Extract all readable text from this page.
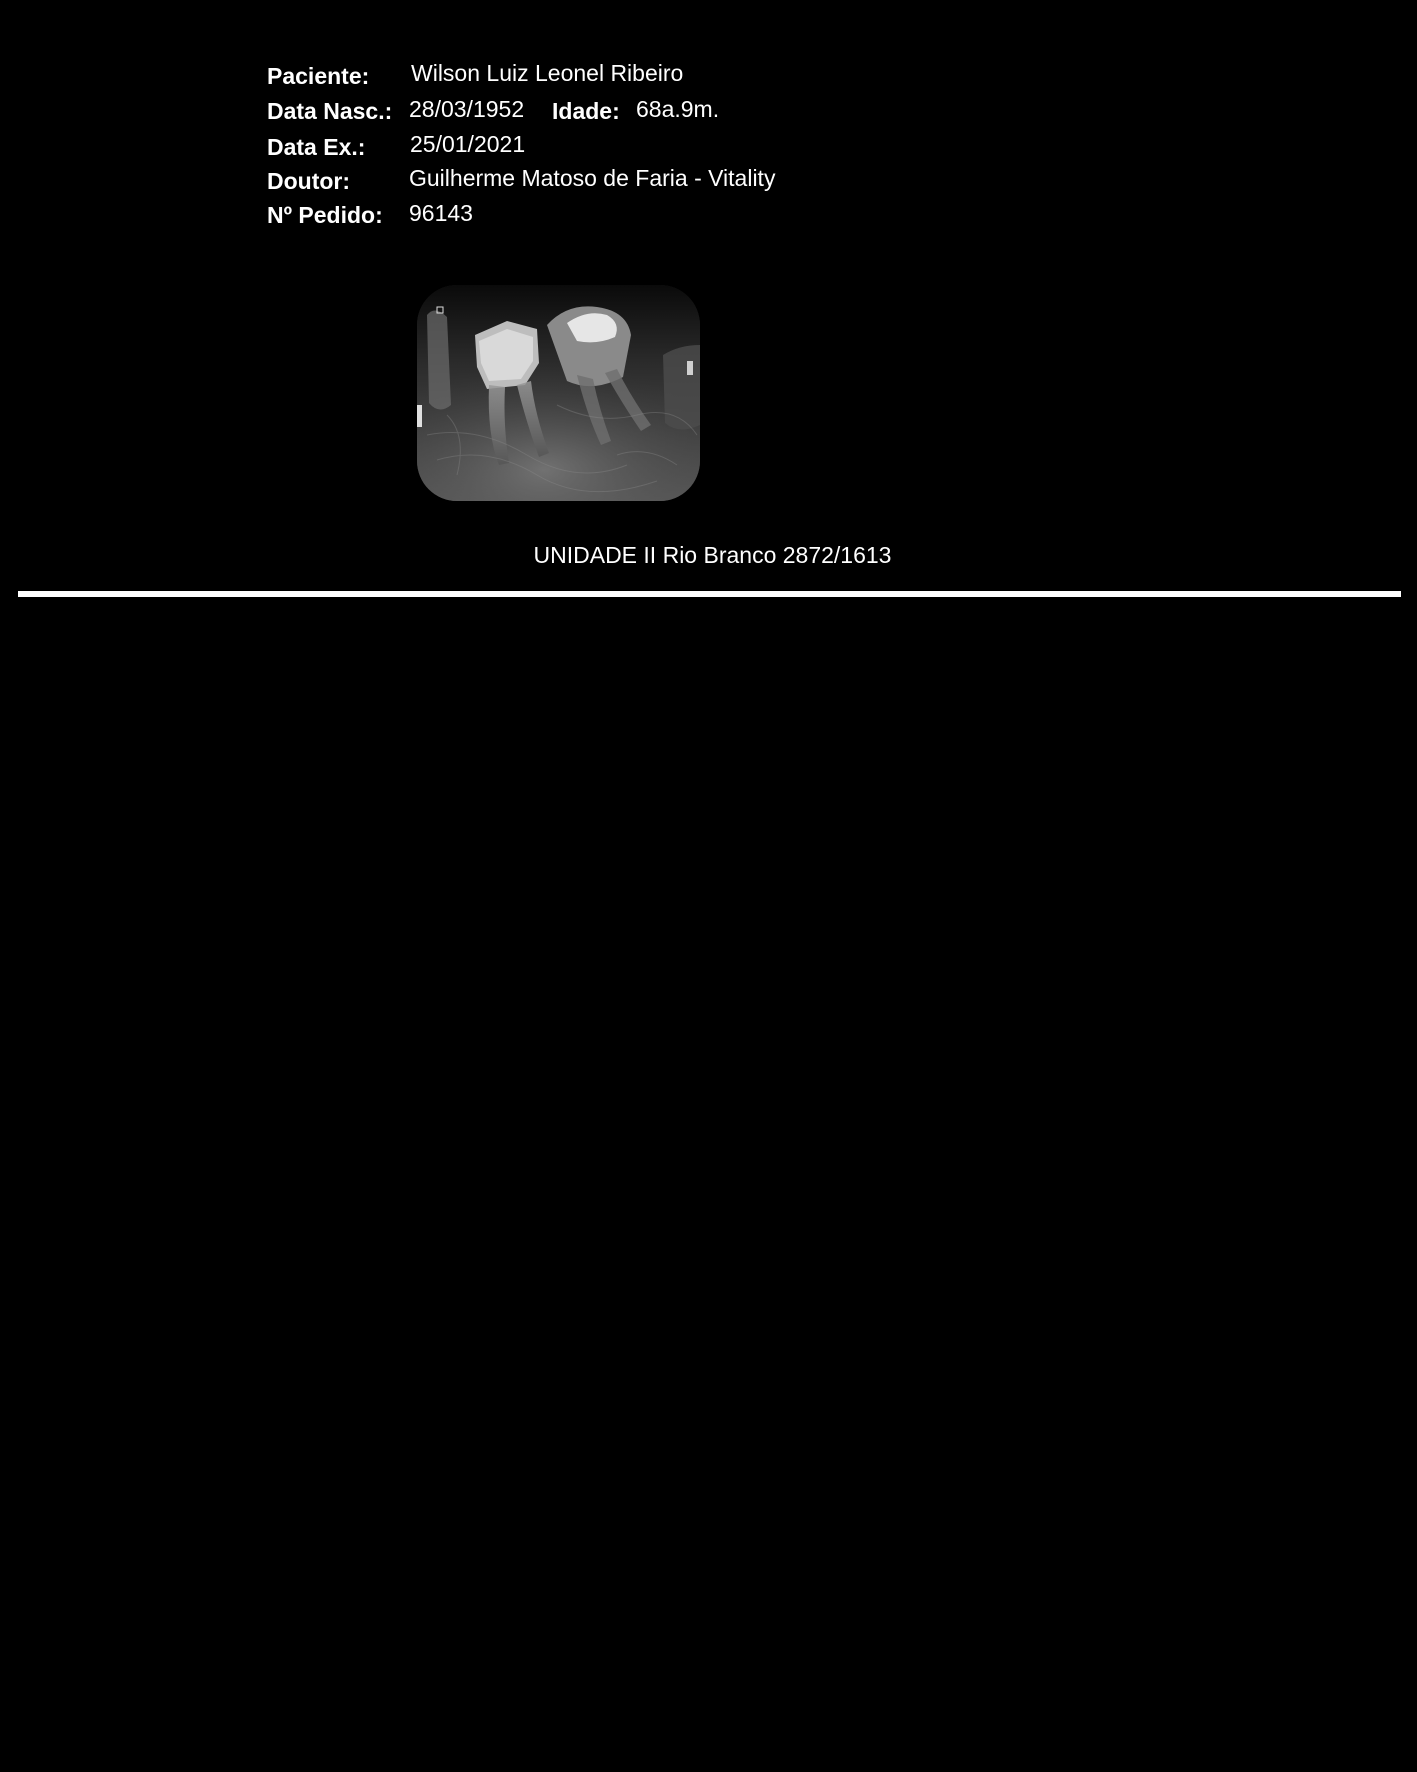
Paciente: Wilson Luiz Leonel Ribeiro
Data Nasc.: 28/03/1952 Idade: 68a.9m.
Data Ex.: 25/01/2021
Doutor:	Guilherme Matoso de Faria - Vitality
Nº Pedido: 96143
UNIDADE II Rio Branco 2872/1613
